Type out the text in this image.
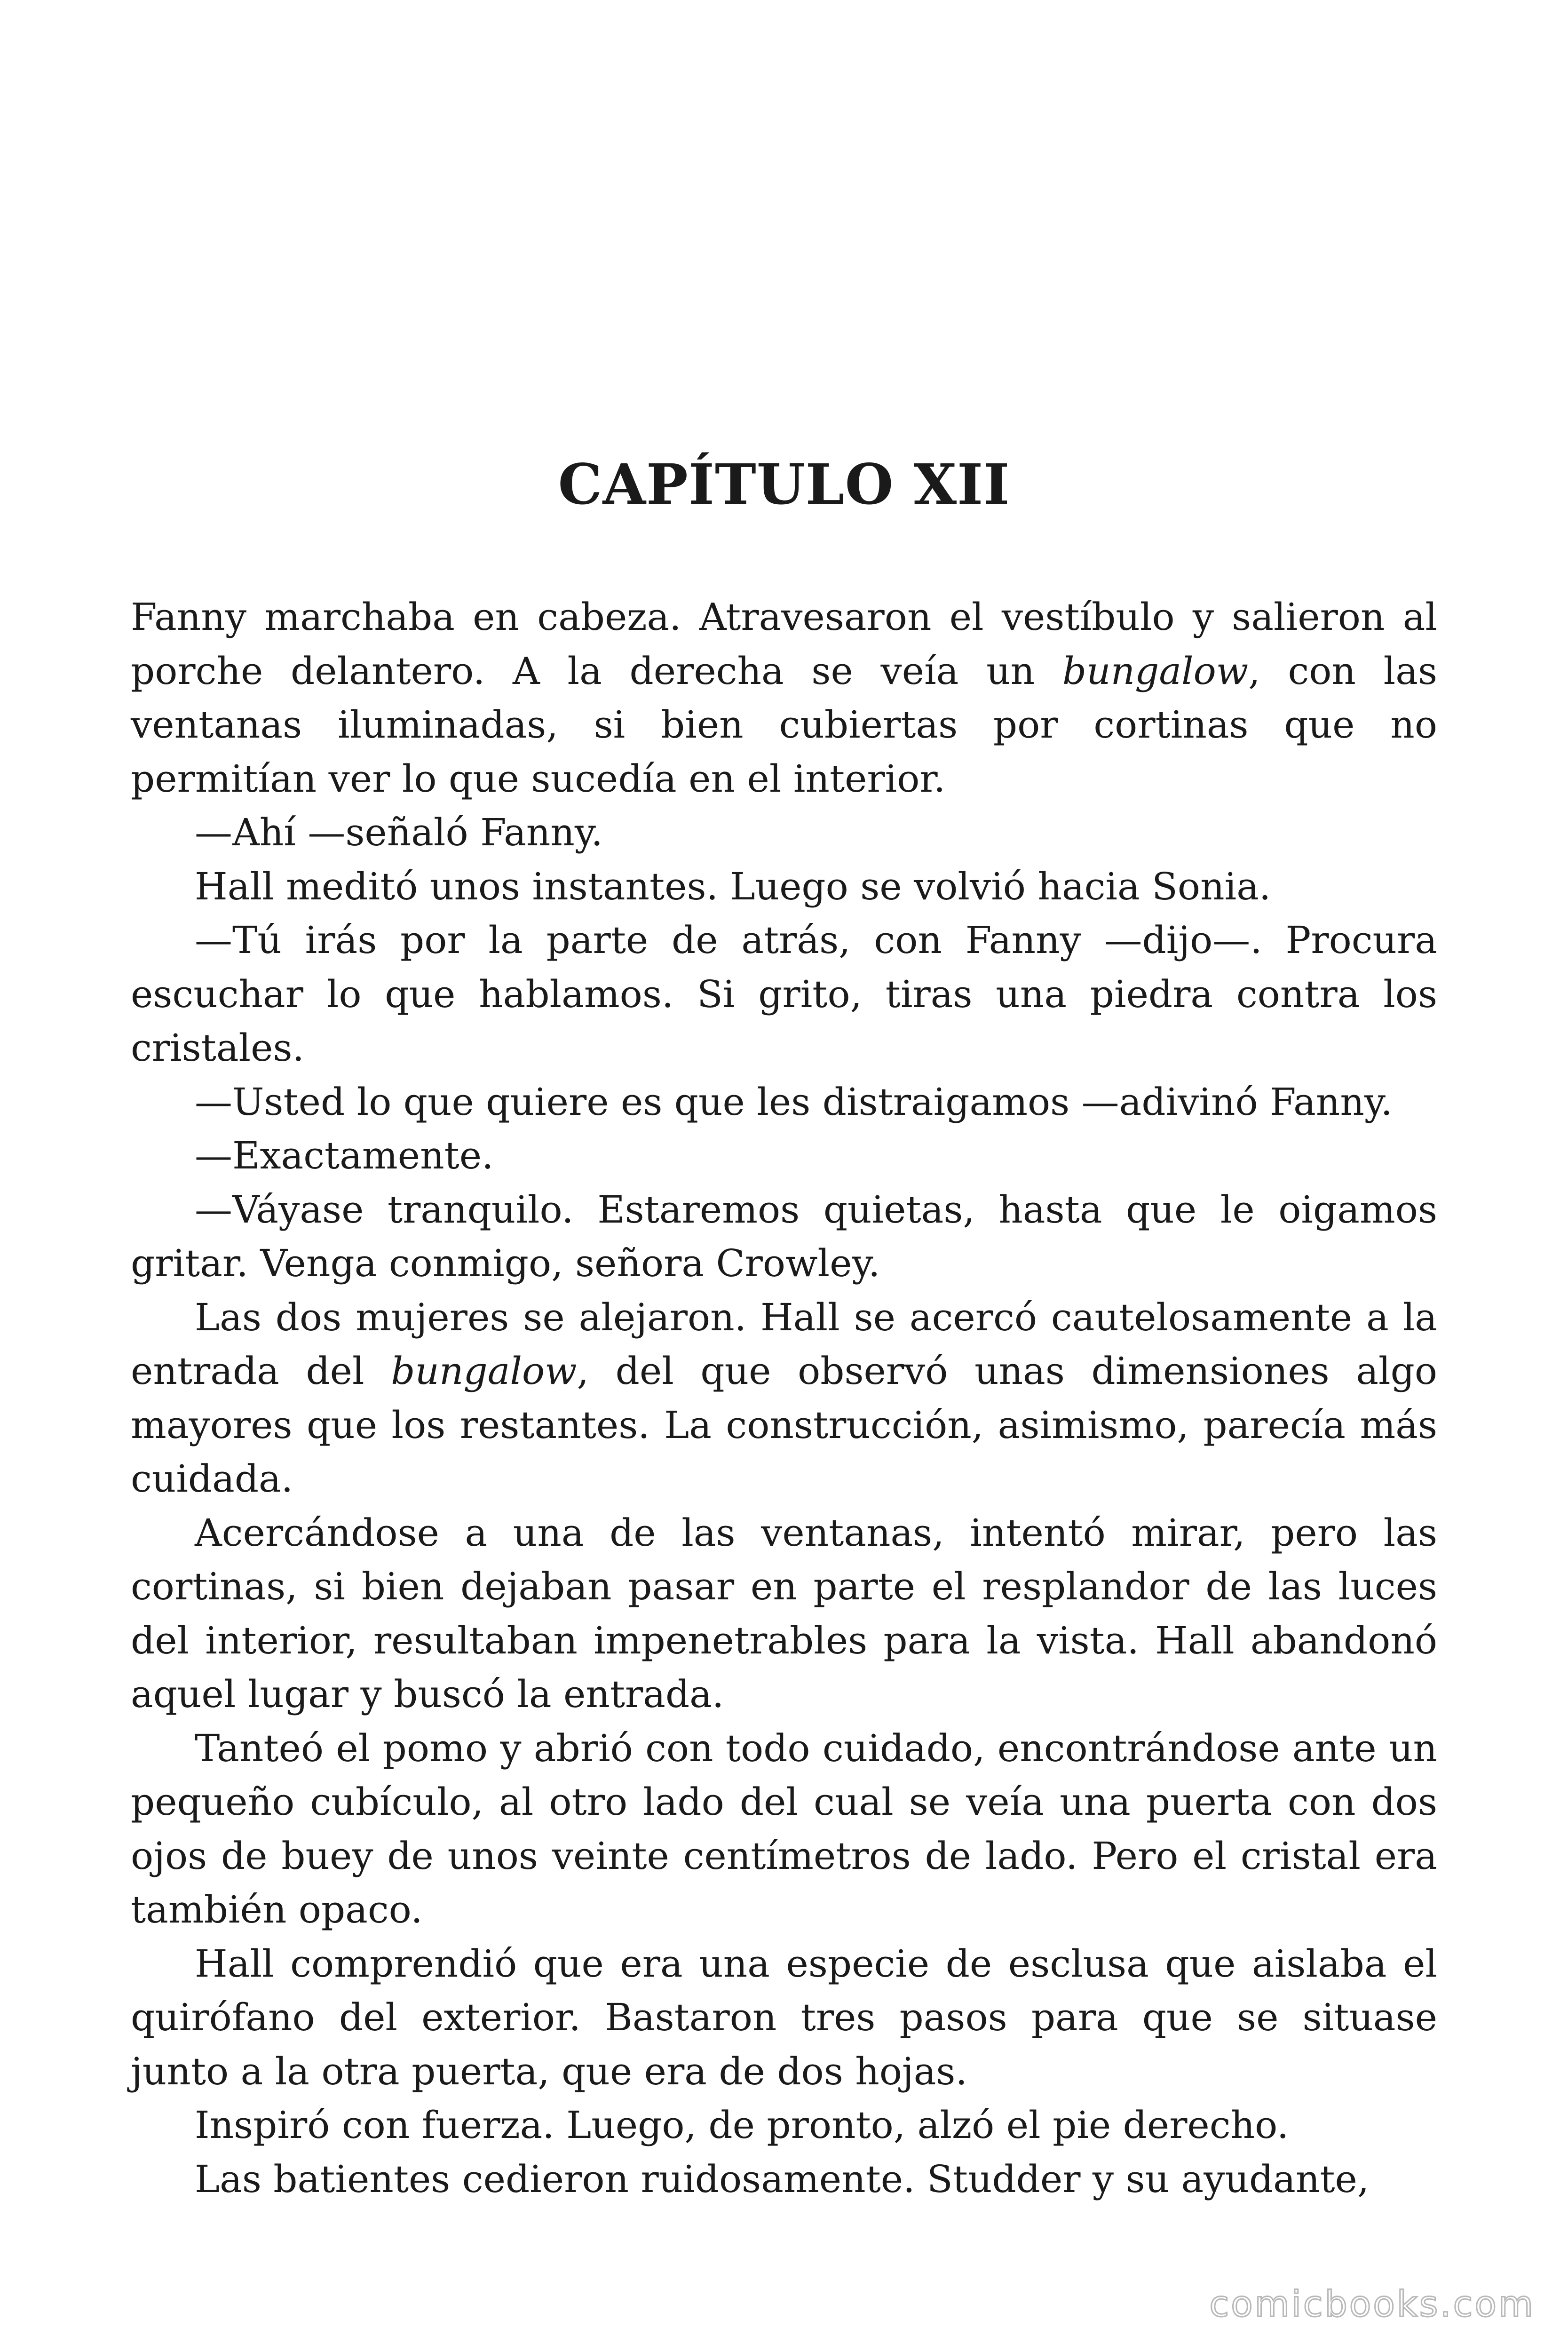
CAPÍTULO XII

Fanny marchaba en cabeza. Atravesaron el vestíbulo y salieron al porche delantero. A la derecha se veía un bungalow, con las ventanas iluminadas, si bien cubiertas por cortinas que no permitían ver lo que sucedía en el interior.

—Ahí —señaló Fanny.

Hall meditó unos instantes. Luego se volvió hacia Sonia.

—Tú irás por la parte de atrás, con Fanny —dijo—. Procura escuchar lo que hablamos. Si grito, tiras una piedra contra los cristales.

—Usted lo que quiere es que les distraigamos —adivinó Fanny.

—Exactamente.

—Váyase tranquilo. Estaremos quietas, hasta que le oigamos gritar. Venga conmigo, señora Crowley.

Las dos mujeres se alejaron. Hall se acercó cautelosamente a la entrada del bungalow, del que observó unas dimensiones algo mayores que los restantes. La construcción, asimismo, parecía más cuidada.

Acercándose a una de las ventanas, intentó mirar, pero las cortinas, si bien dejaban pasar en parte el resplandor de las luces del interior, resultaban impenetrables para la vista. Hall abandonó aquel lugar y buscó la entrada.

Tanteó el pomo y abrió con todo cuidado, encontrándose ante un pequeño cubículo, al otro lado del cual se veía una puerta con dos ojos de buey de unos veinte centímetros de lado. Pero el cristal era también opaco.

Hall comprendió que era una especie de esclusa que aislaba el quirófano del exterior. Bastaron tres pasos para que se situase junto a la otra puerta, que era de dos hojas.

Inspiró con fuerza. Luego, de pronto, alzó el pie derecho.

Las batientes cedieron ruidosamente. Studder y su ayudante,

comicbooks.com
